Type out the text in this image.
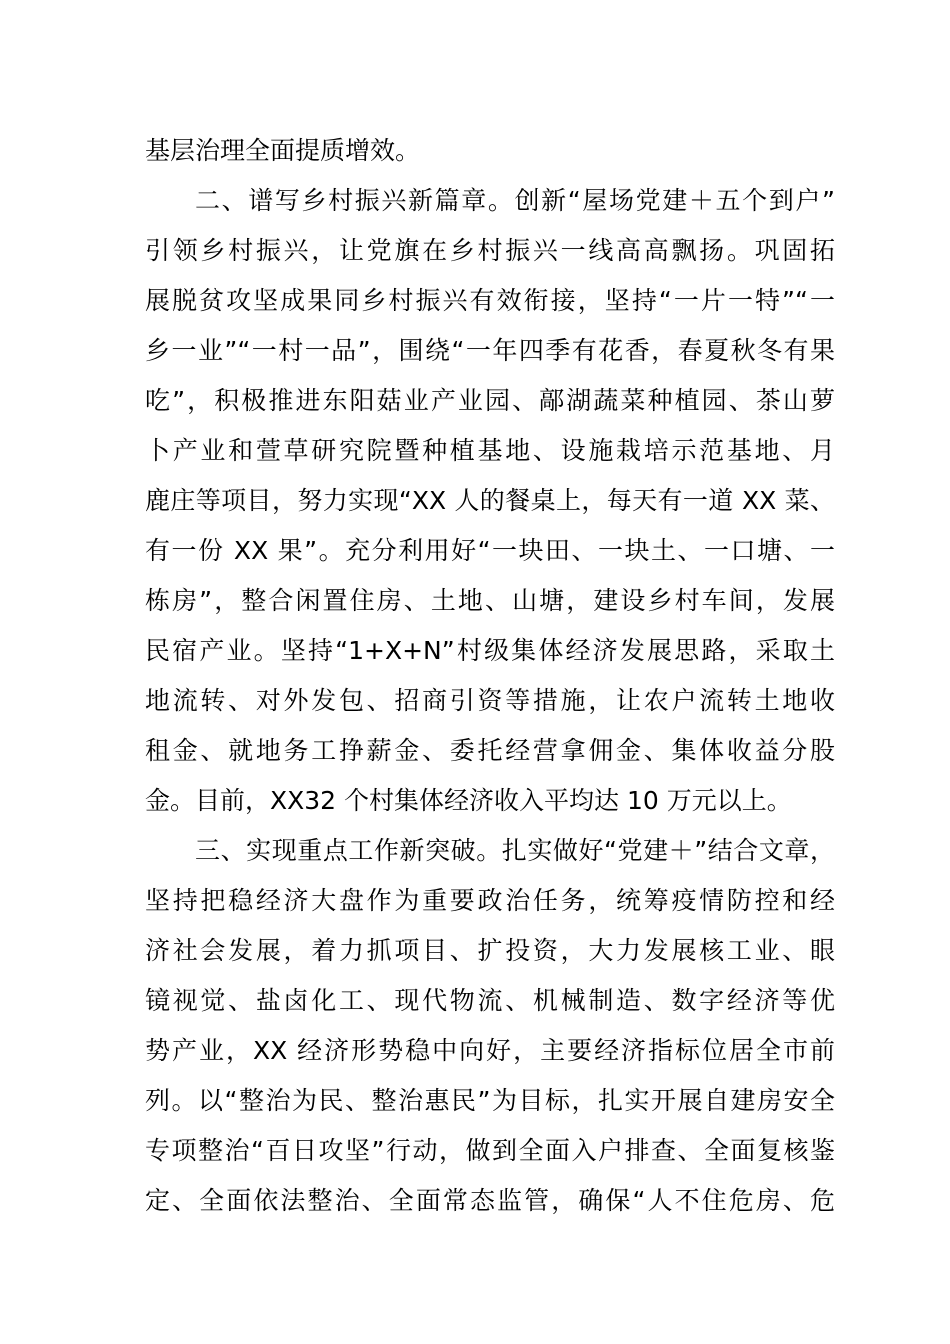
基层治理全面提质增效。
二、谱写乡村振兴新篇章。创新“屋场党建＋五个到户”
引领乡村振兴，让党旗在乡村振兴一线高高飘扬。巩固拓
展脱贫攻坚成果同乡村振兴有效衔接，坚持“一片一特”“一
乡一业”“一村一品”，围绕“一年四季有花香，春夏秋冬有果
吃”，积极推进东阳菇业产业园、鄗湖蔬菜种植园、茶山萝
卜产业和萱草研究院暨种植基地、设施栽培示范基地、月
鹿庄等项目，努力实现“XX 人的餐桌上，每天有一道 XX 菜、
有一份 XX 果”。充分利用好“一块田、一块土、一口塘、一
栋房”，整合闲置住房、土地、山塘，建设乡村车间，发展
民宿产业。坚持“1+X+N”村级集体经济发展思路，采取土
地流转、对外发包、招商引资等措施，让农户流转土地收
租金、就地务工挣薪金、委托经营拿佣金、集体收益分股
金。目前，XX32 个村集体经济收入平均达 10 万元以上。
三、实现重点工作新突破。扎实做好“党建＋”结合文章，
坚持把稳经济大盘作为重要政治任务，统筹疫情防控和经
济社会发展，着力抓项目、扩投资，大力发展核工业、眼
镜视觉、盐卤化工、现代物流、机械制造、数字经济等优
势产业，XX 经济形势稳中向好，主要经济指标位居全市前
列。以“整治为民、整治惠民”为目标，扎实开展自建房安全
专项整治“百日攻坚”行动，做到全面入户排查、全面复核鉴
定、全面依法整治、全面常态监管，确保“人不住危房、危
